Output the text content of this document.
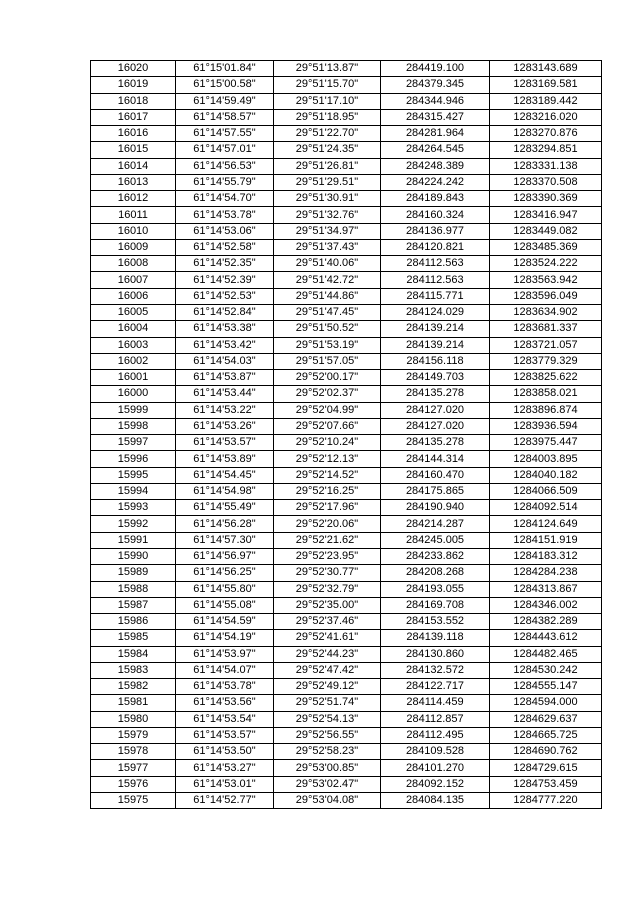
16020	61°15'01.84"	29°51'13.87"	284419.100	1283143.689
16019	61°15'00.58"	29°51'15.70"	284379.345	1283169.581
16018	61°14'59.49"	29°51'17.10"	284344.946	1283189.442
16017	61°14'58.57"	29°51'18.95"	284315.427	1283216.020
16016	61°14'57.55"	29°51'22.70"	284281.964	1283270.876
16015	61°14'57.01"	29°51'24.35"	284264.545	1283294.851
16014	61°14'56.53"	29°51'26.81"	284248.389	1283331.138
16013	61°14'55.79"	29°51'29.51"	284224.242	1283370.508
16012	61°14'54.70"	29°51'30.91"	284189.843	1283390.369
16011	61°14'53.78"	29°51'32.76"	284160.324	1283416.947
16010	61°14'53.06"	29°51'34.97"	284136.977	1283449.082
16009	61°14'52.58"	29°51'37.43"	284120.821	1283485.369
16008	61°14'52.35"	29°51'40.06"	284112.563	1283524.222
16007	61°14'52.39"	29°51'42.72"	284112.563	1283563.942
16006	61°14'52.53"	29°51'44.86"	284115.771	1283596.049
16005	61°14'52.84"	29°51'47.45"	284124.029	1283634.902
16004	61°14'53.38"	29°51'50.52"	284139.214	1283681.337
16003	61°14'53.42"	29°51'53.19"	284139.214	1283721.057
16002	61°14'54.03"	29°51'57.05"	284156.118	1283779.329
16001	61°14'53.87"	29°52'00.17"	284149.703	1283825.622
16000	61°14'53.44"	29°52'02.37"	284135.278	1283858.021
15999	61°14'53.22"	29°52'04.99"	284127.020	1283896.874
15998	61°14'53.26"	29°52'07.66"	284127.020	1283936.594
15997	61°14'53.57"	29°52'10.24"	284135.278	1283975.447
15996	61°14'53.89"	29°52'12.13"	284144.314	1284003.895
15995	61°14'54.45"	29°52'14.52"	284160.470	1284040.182
15994	61°14'54.98"	29°52'16.25"	284175.865	1284066.509
15993	61°14'55.49"	29°52'17.96"	284190.940	1284092.514
15992	61°14'56.28"	29°52'20.06"	284214.287	1284124.649
15991	61°14'57.30"	29°52'21.62"	284245.005	1284151.919
15990	61°14'56.97"	29°52'23.95"	284233.862	1284183.312
15989	61°14'56.25"	29°52'30.77"	284208.268	1284284.238
15988	61°14'55.80"	29°52'32.79"	284193.055	1284313.867
15987	61°14'55.08"	29°52'35.00"	284169.708	1284346.002
15986	61°14'54.59"	29°52'37.46"	284153.552	1284382.289
15985	61°14'54.19"	29°52'41.61"	284139.118	1284443.612
15984	61°14'53.97"	29°52'44.23"	284130.860	1284482.465
15983	61°14'54.07"	29°52'47.42"	284132.572	1284530.242
15982	61°14'53.78"	29°52'49.12"	284122.717	1284555.147
15981	61°14'53.56"	29°52'51.74"	284114.459	1284594.000
15980	61°14'53.54"	29°52'54.13"	284112.857	1284629.637
15979	61°14'53.57"	29°52'56.55"	284112.495	1284665.725
15978	61°14'53.50"	29°52'58.23"	284109.528	1284690.762
15977	61°14'53.27"	29°53'00.85"	284101.270	1284729.615
15976	61°14'53.01"	29°53'02.47"	284092.152	1284753.459
15975	61°14'52.77"	29°53'04.08"	284084.135	1284777.220
